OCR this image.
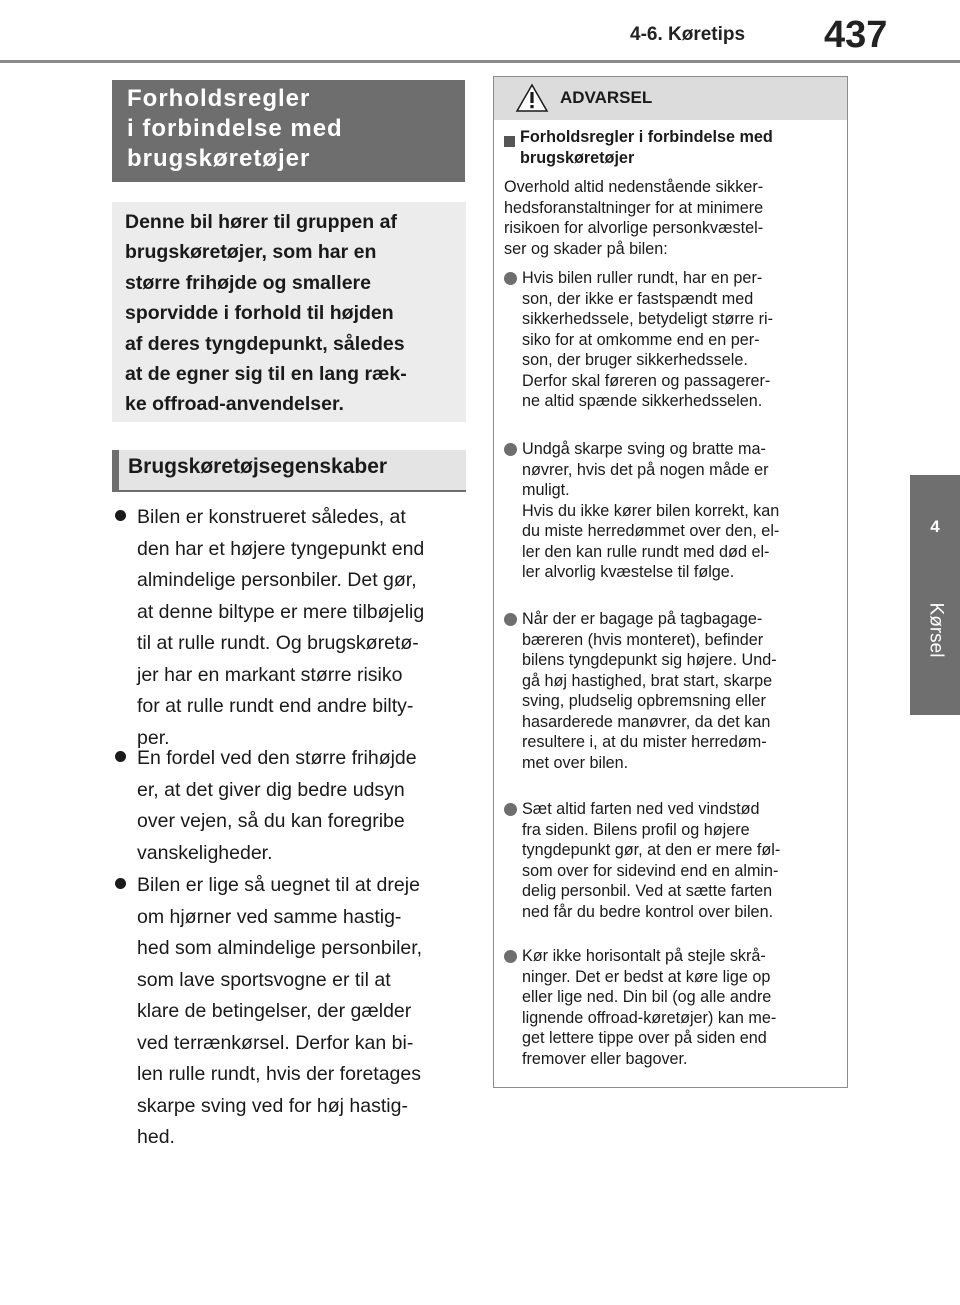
4-6. Køretips 437
4
Kørsel
Forholdsregler
i forbindelse med
brugskøretøjer
Denne bil hører til gruppen af
brugskøretøjer, som har en
større frihøjde og smallere
sporvidde i forhold til højden
af deres tyngdepunkt, således
at de egner sig til en lang ræk-
ke offroad-anvendelser.
Brugskøretøjsegenskaber
Bilen er konstrueret således, at
den har et højere tyngepunkt end
almindelige personbiler. Det gør,
at denne biltype er mere tilbøjelig
til at rulle rundt. Og brugskøretø-
jer har en markant større risiko
for at rulle rundt end andre bilty-
per.
En fordel ved den større frihøjde
er, at det giver dig bedre udsyn
over vejen, så du kan foregribe
vanskeligheder.
Bilen er lige så uegnet til at dreje
om hjørner ved samme hastig-
hed som almindelige personbiler,
som lave sportsvogne er til at
klare de betingelser, der gælder
ved terrænkørsel. Derfor kan bi-
len rulle rundt, hvis der foretages
skarpe sving ved for høj hastig-
hed.
ADVARSEL
Forholdsregler i forbindelse med
brugskøretøjer
Overhold altid nedenstående sikker-
hedsforanstaltninger for at minimere
risikoen for alvorlige personkvæstel-
ser og skader på bilen:
Hvis bilen ruller rundt, har en per-
son, der ikke er fastspændt med
sikkerhedssele, betydeligt større ri-
siko for at omkomme end en per-
son, der bruger sikkerhedssele.
Derfor skal føreren og passagerer-
ne altid spænde sikkerhedsselen.
Undgå skarpe sving og bratte ma-
nøvrer, hvis det på nogen måde er
muligt.
Hvis du ikke kører bilen korrekt, kan
du miste herredømmet over den, el-
ler den kan rulle rundt med død el-
ler alvorlig kvæstelse til følge.
Når der er bagage på tagbagage-
bæreren (hvis monteret), befinder
bilens tyngdepunkt sig højere. Und-
gå høj hastighed, brat start, skarpe
sving, pludselig opbremsning eller
hasarderede manøvrer, da det kan
resultere i, at du mister herredøm-
met over bilen.
Sæt altid farten ned ved vindstød
fra siden. Bilens profil og højere
tyngdepunkt gør, at den er mere føl-
som over for sidevind end en almin-
delig personbil. Ved at sætte farten
ned får du bedre kontrol over bilen.
Kør ikke horisontalt på stejle skrå-
ninger. Det er bedst at køre lige op
eller lige ned. Din bil (og alle andre
lignende offroad-køretøjer) kan me-
get lettere tippe over på siden end
fremover eller bagover.
